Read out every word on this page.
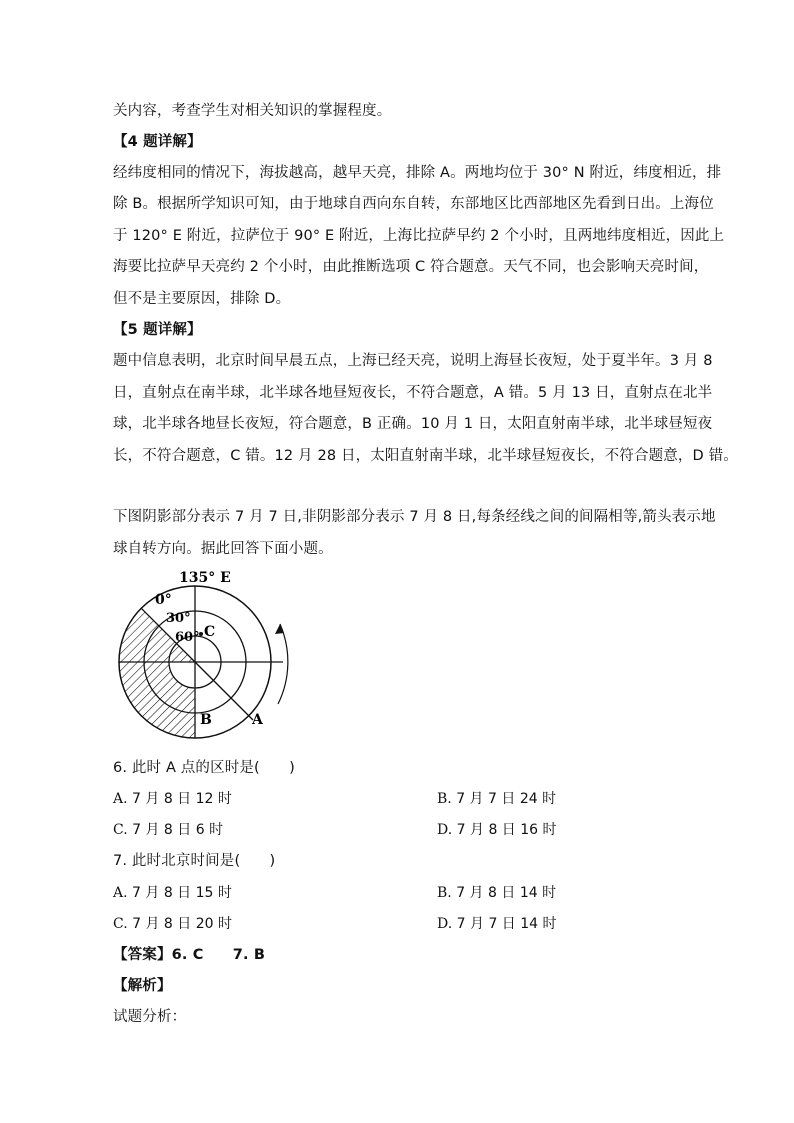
关内容，考查学生对相关知识的掌握程度。
【4 题详解】
经纬度相同的情况下，海拔越高，越早天亮，排除 A。两地均位于 30° N 附近，纬度相近，排
除 B。根据所学知识可知，由于地球自西向东自转，东部地区比西部地区先看到日出。上海位
于 120° E 附近，拉萨位于 90° E 附近，上海比拉萨早约 2 个小时，且两地纬度相近，因此上
海要比拉萨早天亮约 2 个小时，由此推断选项 C 符合题意。天气不同，也会影响天亮时间，
但不是主要原因，排除 D。
【5 题详解】
题中信息表明，北京时间早晨五点，上海已经天亮，说明上海昼长夜短，处于夏半年。3 月 8
日，直射点在南半球，北半球各地昼短夜长，不符合题意，A 错。5 月 13 日，直射点在北半
球，北半球各地昼长夜短，符合题意，B 正确。10 月 1 日，太阳直射南半球，北半球昼短夜
长，不符合题意，C 错。12 月 28 日，太阳直射南半球，北半球昼短夜长，不符合题意，D 错。
下图阴影部分表示 7 月 7 日,非阴影部分表示 7 月 8 日,每条经线之间的间隔相等,箭头表示地
球自转方向。据此回答下面小题。
135° E
0°
30°
60° C
B	A
6. 此时 A 点的区时是(　　)
A. 7 月 8 日 12 时	B. 7 月 7 日 24 时
C. 7 月 8 日 6 时	D. 7 月 8 日 16 时
7. 此时北京时间是(　　)
A. 7 月 8 日 15 时	B. 7 月 8 日 14 时
C. 7 月 8 日 20 时	D. 7 月 7 日 14 时
【答案】6. C　　7. B
【解析】
试题分析：
